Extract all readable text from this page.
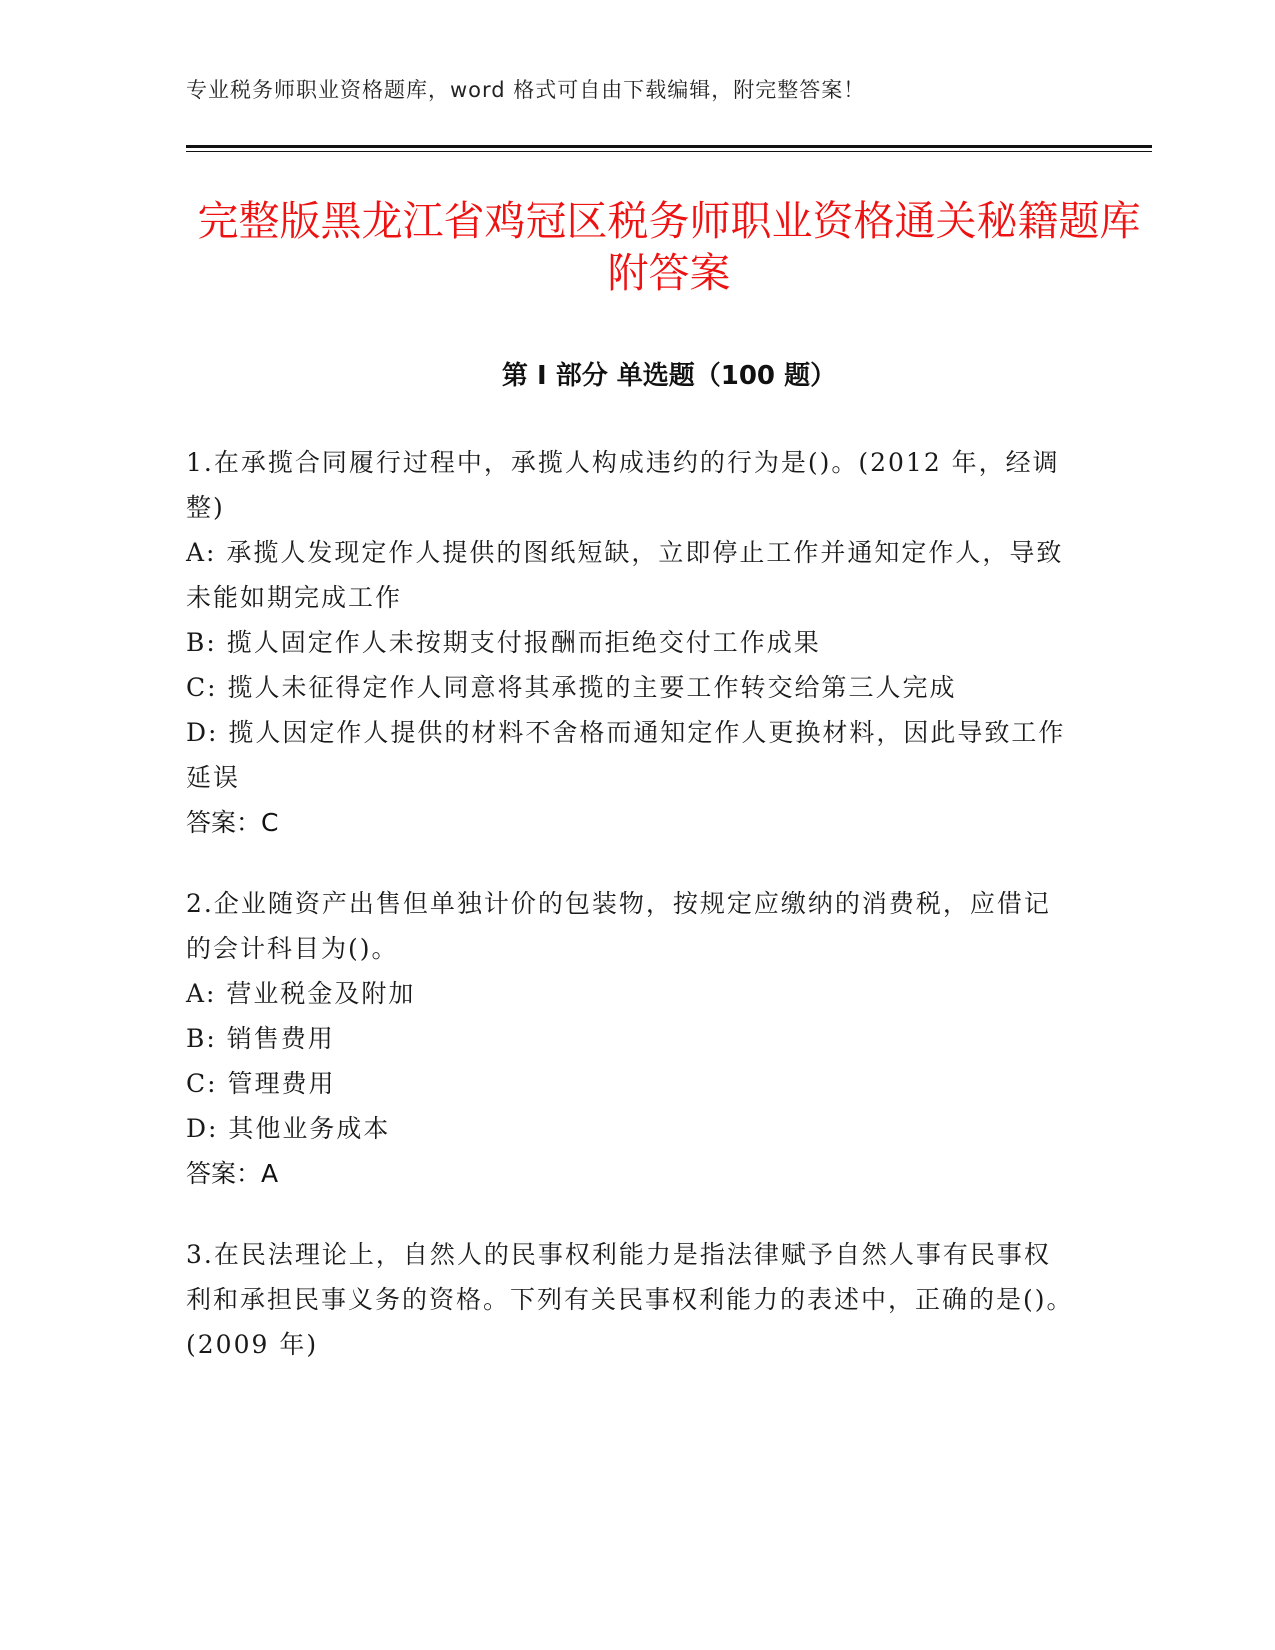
专业税务师职业资格题库，word 格式可自由下载编辑，附完整答案！
完整版黑龙江省鸡冠区税务师职业资格通关秘籍题库附答案
第 I 部分 单选题（100 题）

1.在承揽合同履行过程中，承揽人构成违约的行为是()。(2012 年，经调整)

A: 承揽人发现定作人提供的图纸短缺，立即停止工作并通知定作人，导致未能如期完成工作

B: 揽人固定作人未按期支付报酬而拒绝交付工作成果

C: 揽人未征得定作人同意将其承揽的主要工作转交给第三人完成

D: 揽人因定作人提供的材料不舍格而通知定作人更换材料，因此导致工作延误

答案：C

2.企业随资产出售但单独计价的包装物，按规定应缴纳的消费税，应借记的会计科目为()。

A: 营业税金及附加

B: 销售费用

C: 管理费用

D: 其他业务成本

答案：A

3.在民法理论上，自然人的民事权利能力是指法律赋予自然人事有民事权利和承担民事义务的资格。下列有关民事权利能力的表述中，正确的是()。(2009 年)
